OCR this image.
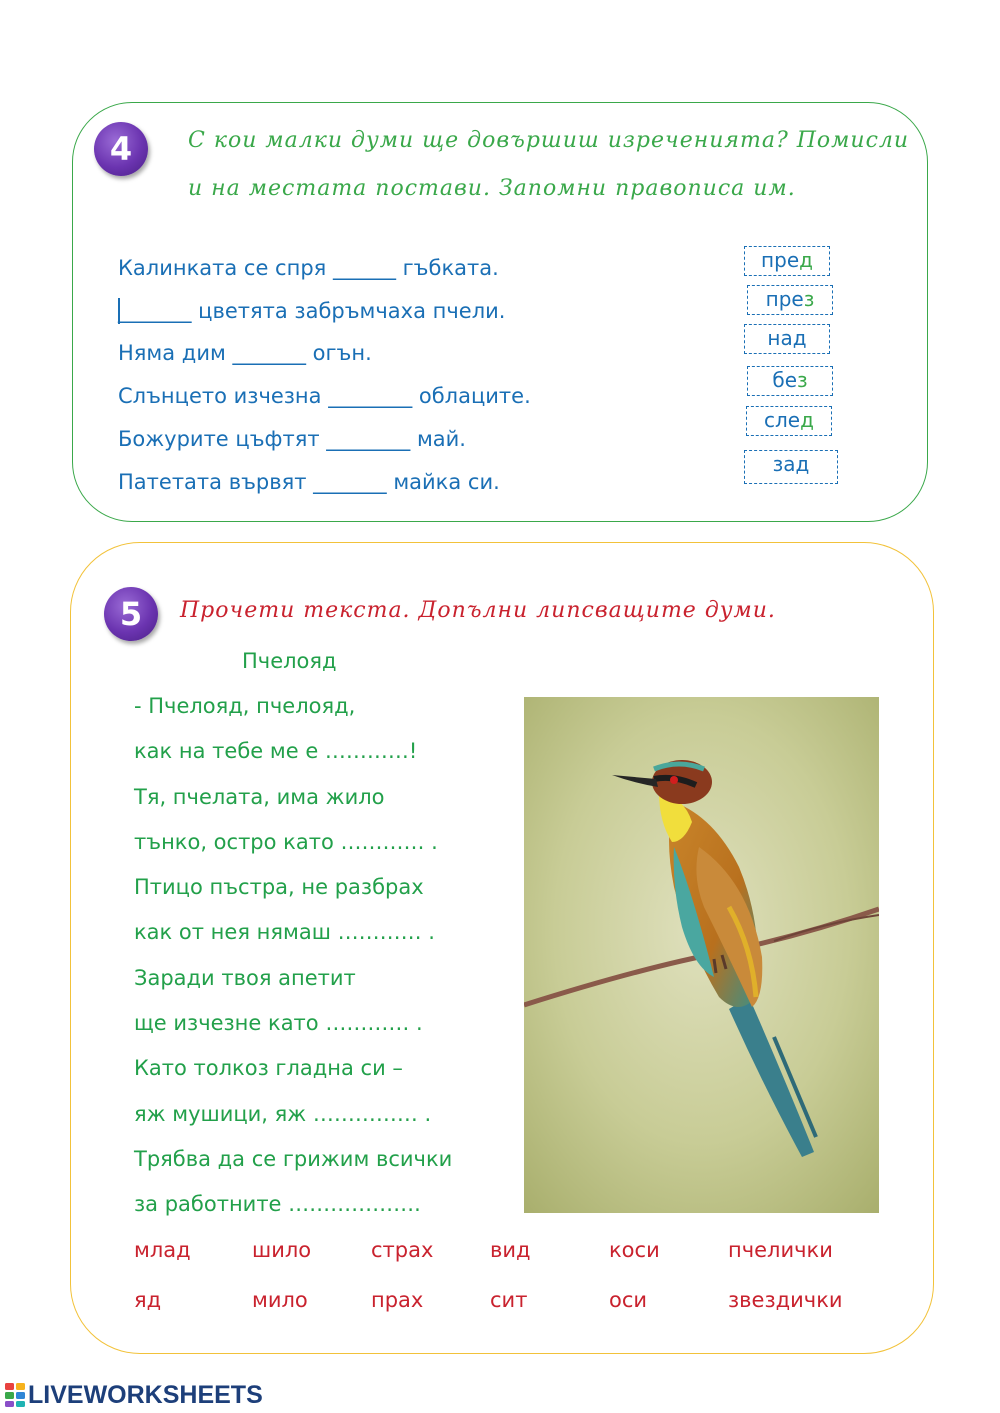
4	С кои малки думи ще довършиш изреченията? Помисли
и на местата постави. Запомни правописа им.
Калинката се спря ______ гъбката.
_______ цветята забръмчаха пчели.
Няма дим _______ огън.
Слънцето изчезна ________ облаците.
Божурите цъфтят ________ май.
Патетата вървят _______ майка си.
пред
през
над
без
след
зад
5	Прочети текста. Допълни липсващите думи.
Пчелояд
- Пчелояд, пчелояд,
как на тебе ме е …………!
Тя, пчелата, има жило
тънко, остро като ………… .
Птицо пъстра, не разбрах
как от нея нямаш ………… .
Заради твоя апетит
ще изчезне като ………… .
Като толкоз гладна си –
яж мушици, яж …………… .
Трябва да се грижим всички
за работните ……………….
млад	шило	страх	вид	коси	пчелички
яд	мило	прах	сит	оси	звездички
LIVEWORKSHEETS
